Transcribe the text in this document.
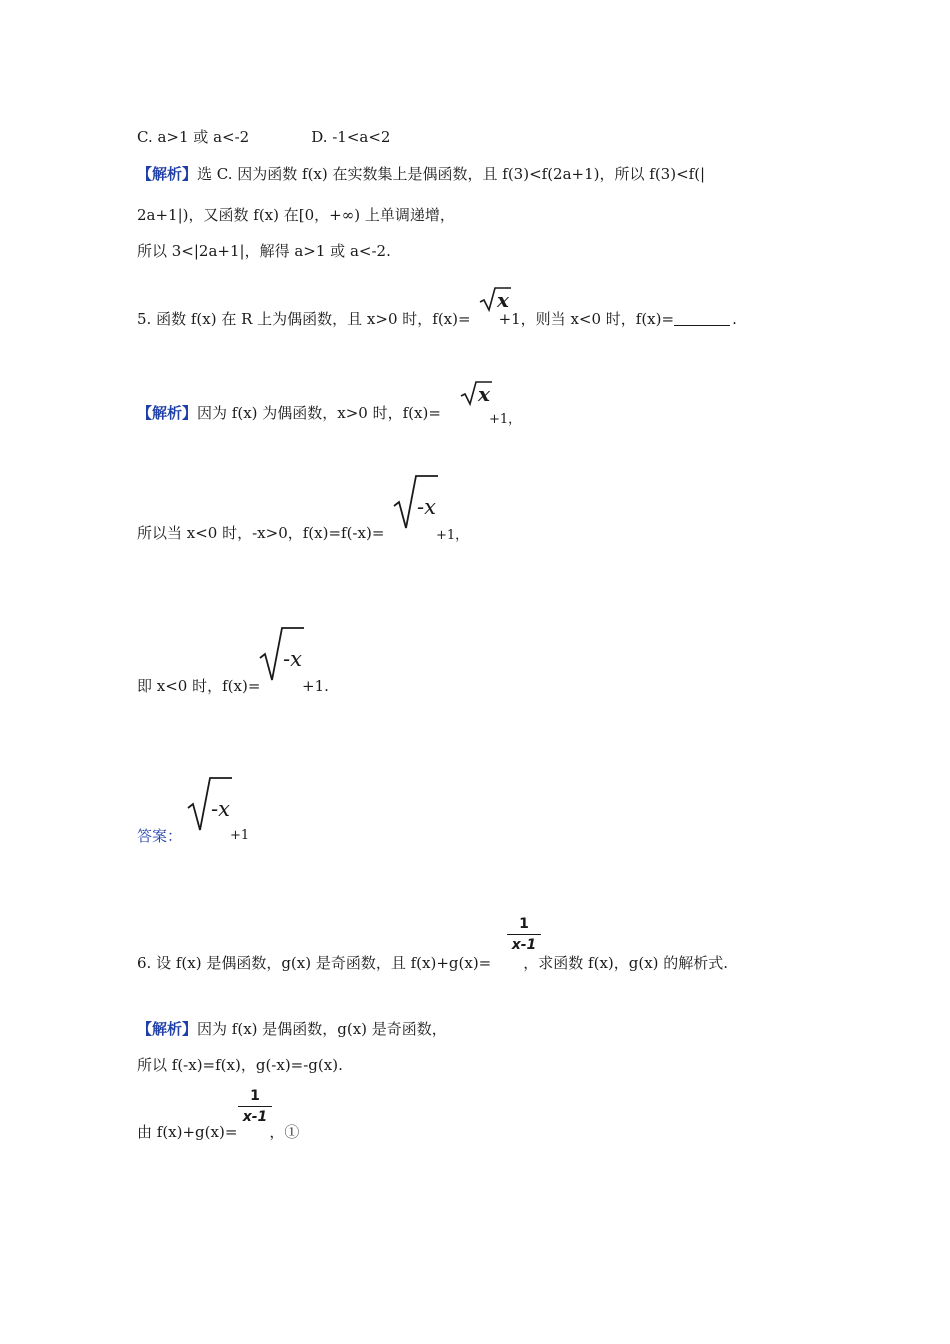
C. a>1 或 a<-2	D. -1<a<2
【解析】选 C. 因为函数 f(x) 在实数集上是偶函数，且 f(3)<f(2a+1)，所以 f(3)<f(|
2a+1|)，又函数 f(x) 在[0，+∞) 上单调递增，
所以 3<|2a+1|，解得 a>1 或 a<-2.
5. 函数 f(x) 在 R 上为偶函数，且 x>0 时，f(x)= +1，则当 x<0 时，f(x)=	.
x
【解析】因为 f(x) 为偶函数，x>0 时，f(x)=
x
+1，
所以当 x<0 时，-x>0，f(x)=f(-x)=
-x
+1，
即 x<0 时，f(x)=
-x
+1.
答案：
-x
+1
6. 设 f(x) 是偶函数，g(x) 是奇函数，且 f(x)+g(x)= ，求函数 f(x)，g(x) 的解析式.
1
x-1
【解析】因为 f(x) 是偶函数，g(x) 是奇函数，
所以 f(-x)=f(x)，g(-x)=-g(x).
由 f(x)+g(x)= ，①
1
x-1
